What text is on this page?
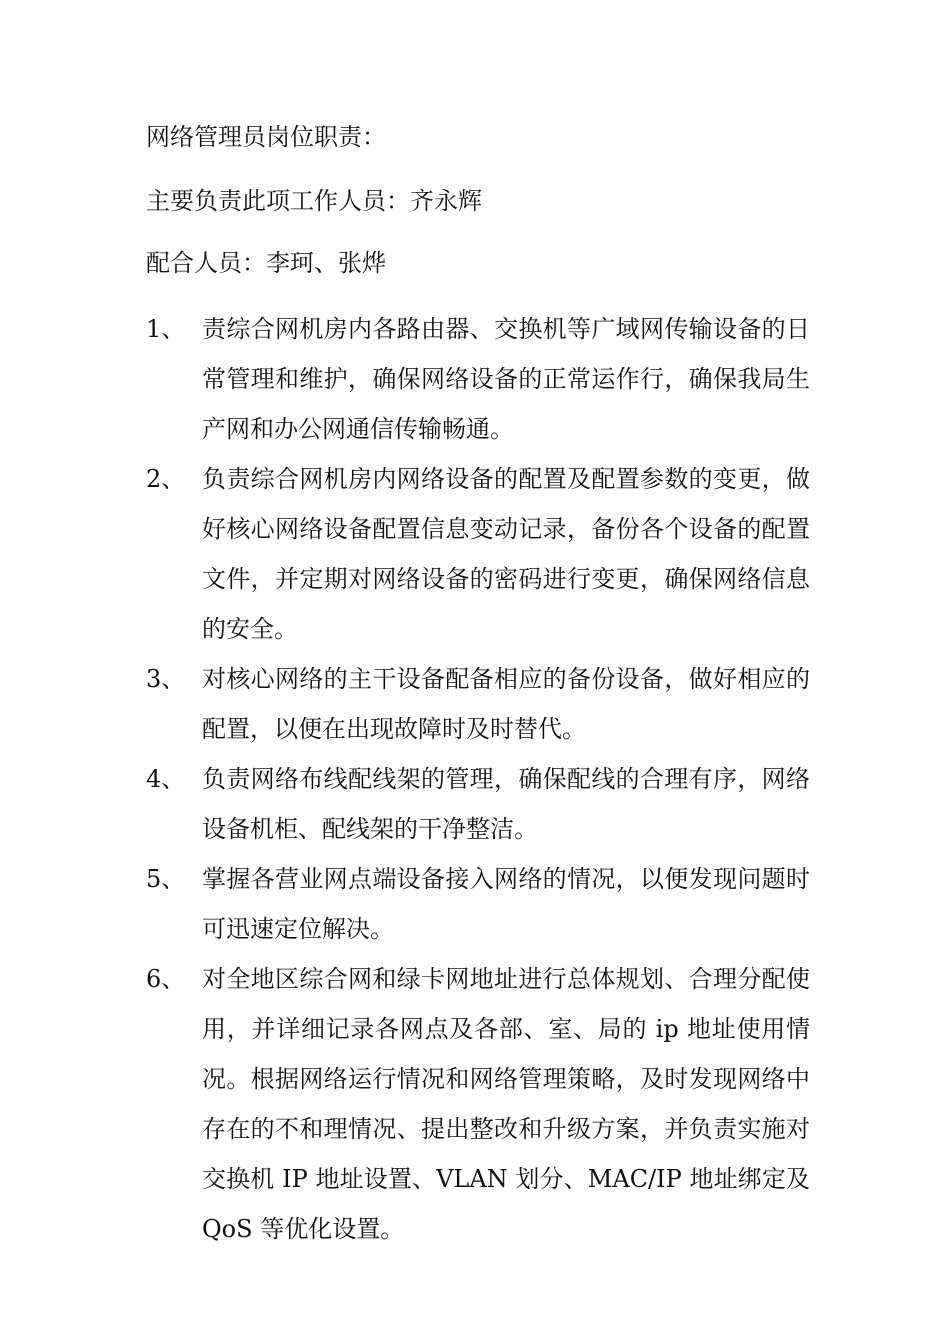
网络管理员岗位职责：

主要负责此项工作人员：齐永辉

配合人员：李珂、张烨

1、 责综合网机房内各路由器、交换机等广域网传输设备的日常管理和维护，确保网络设备的正常运作行，确保我局生产网和办公网通信传输畅通。
2、 负责综合网机房内网络设备的配置及配置参数的变更，做好核心网络设备配置信息变动记录，备份各个设备的配置文件，并定期对网络设备的密码进行变更，确保网络信息的安全。
3、 对核心网络的主干设备配备相应的备份设备，做好相应的配置，以便在出现故障时及时替代。
4、 负责网络布线配线架的管理，确保配线的合理有序，网络设备机柜、配线架的干净整洁。
5、 掌握各营业网点端设备接入网络的情况，以便发现问题时可迅速定位解决。
6、 对全地区综合网和绿卡网地址进行总体规划、合理分配使用，并详细记录各网点及各部、室、局的 ip 地址使用情况。根据网络运行情况和网络管理策略，及时发现网络中存在的不和理情况、提出整改和升级方案，并负责实施对交换机 IP 地址设置、VLAN 划分、MAC/IP 地址绑定及 QoS 等优化设置。
